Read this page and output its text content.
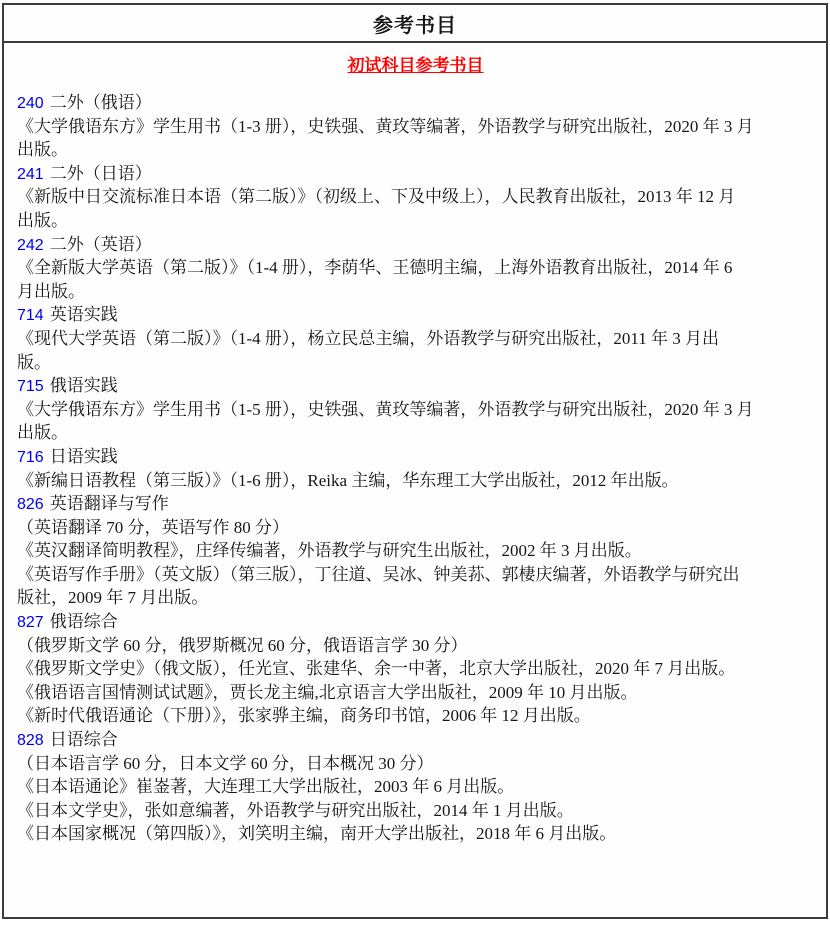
参考书目
初试科目参考书目
240 二外（俄语）
《大学俄语东方》学生用书（1-3 册），史铁强、黄玫等编著，外语教学与研究出版社，2020 年 3 月
出版。
241 二外（日语）
《新版中日交流标准日本语（第二版）》（初级上、下及中级上），人民教育出版社，2013 年 12 月
出版。
242 二外（英语）
《全新版大学英语（第二版）》（1-4 册），李荫华、王德明主编，上海外语教育出版社，2014 年 6
月出版。
714 英语实践
《现代大学英语（第二版）》（1-4 册），杨立民总主编，外语教学与研究出版社，2011 年 3 月出
版。
715 俄语实践
《大学俄语东方》学生用书（1-5 册），史铁强、黄玫等编著，外语教学与研究出版社，2020 年 3 月
出版。
716 日语实践
《新编日语教程（第三版）》（1-6 册），Reika 主编，华东理工大学出版社，2012 年出版。
826 英语翻译与写作
（英语翻译 70 分，英语写作 80 分）
《英汉翻译简明教程》，庄绎传编著，外语教学与研究生出版社，2002 年 3 月出版。
《英语写作手册》（英文版）（第三版），丁往道、吴冰、钟美荪、郭棲庆编著，外语教学与研究出
版社，2009 年 7 月出版。
827 俄语综合
（俄罗斯文学 60 分，俄罗斯概况 60 分，俄语语言学 30 分）
《俄罗斯文学史》（俄文版），任光宣、张建华、余一中著，北京大学出版社，2020 年 7 月出版。
《俄语语言国情测试试题》，贾长龙主编,北京语言大学出版社，2009 年 10 月出版。
《新时代俄语通论（下册）》，张家骅主编，商务印书馆，2006 年 12 月出版。
828 日语综合
（日本语言学 60 分，日本文学 60 分，日本概况 30 分）
《日本语通论》崔崟著，大连理工大学出版社，2003 年 6 月出版。
《日本文学史》，张如意编著，外语教学与研究出版社，2014 年 1 月出版。
《日本国家概况（第四版）》，刘笑明主编，南开大学出版社，2018 年 6 月出版。
